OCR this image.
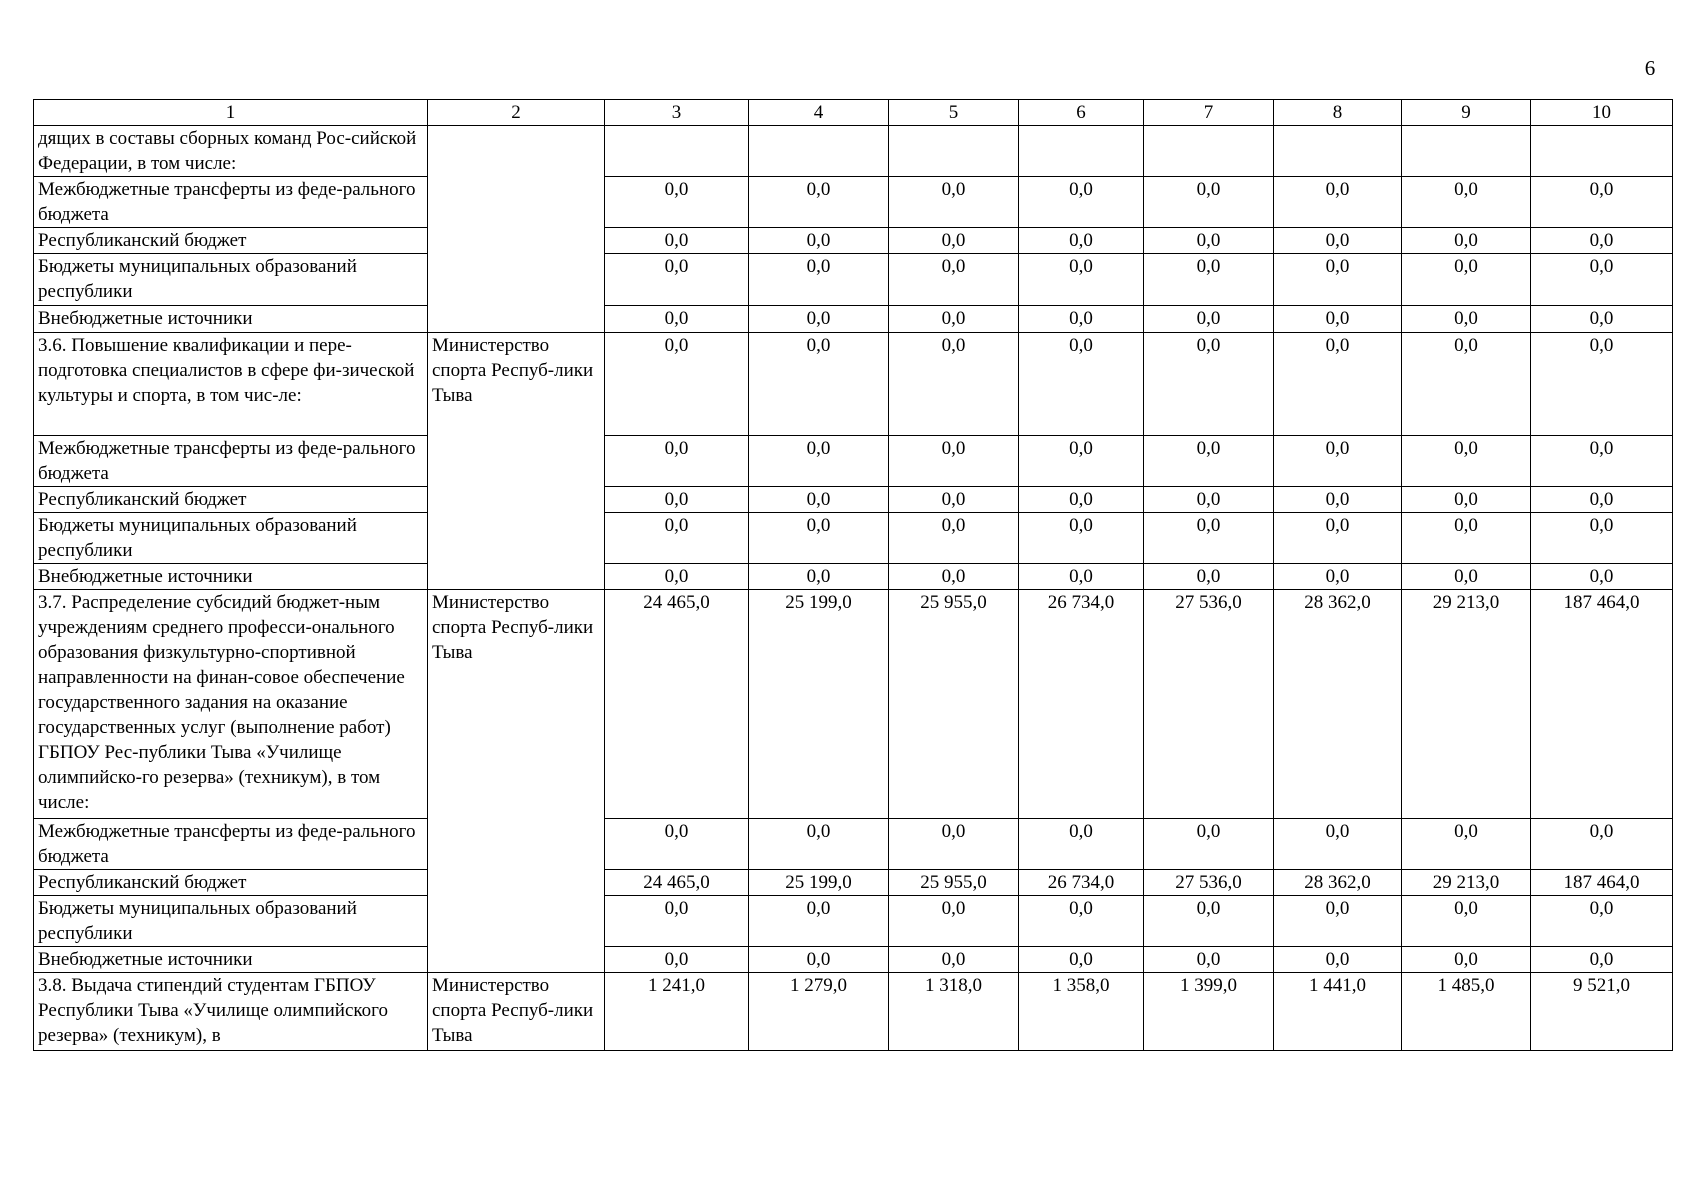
6
1	2	3	4	5	6	7	8	9	10
дящих в составы сборных команд Рос-сийской Федерации, в том числе:									
Межбюджетные трансферты из феде-рального бюджета		0,0	0,0	0,0	0,0	0,0	0,0	0,0	0,0
Республиканский бюджет		0,0	0,0	0,0	0,0	0,0	0,0	0,0	0,0
Бюджеты муниципальных образований республики		0,0	0,0	0,0	0,0	0,0	0,0	0,0	0,0
Внебюджетные источники		0,0	0,0	0,0	0,0	0,0	0,0	0,0	0,0
3.6. Повышение квалификации и пере-подготовка специалистов в сфере фи-зической культуры и спорта, в том чис-ле:	Министерство спорта Респуб-лики Тыва	0,0	0,0	0,0	0,0	0,0	0,0	0,0	0,0
Межбюджетные трансферты из феде-рального бюджета		0,0	0,0	0,0	0,0	0,0	0,0	0,0	0,0
Республиканский бюджет		0,0	0,0	0,0	0,0	0,0	0,0	0,0	0,0
Бюджеты муниципальных образований республики		0,0	0,0	0,0	0,0	0,0	0,0	0,0	0,0
Внебюджетные источники		0,0	0,0	0,0	0,0	0,0	0,0	0,0	0,0
3.7. Распределение субсидий бюджет-ным учреждениям среднего професси-онального образования физкультурно-спортивной направленности на финан-совое обеспечение государственного задания на оказание государственных услуг (выполнение работ) ГБПОУ Рес-публики Тыва «Училище олимпийско-го резерва» (техникум), в том числе:	Министерство спорта Респуб-лики Тыва	24 465,0	25 199,0	25 955,0	26 734,0	27 536,0	28 362,0	29 213,0	187 464,0
Межбюджетные трансферты из феде-рального бюджета		0,0	0,0	0,0	0,0	0,0	0,0	0,0	0,0
Республиканский бюджет		24 465,0	25 199,0	25 955,0	26 734,0	27 536,0	28 362,0	29 213,0	187 464,0
Бюджеты муниципальных образований республики		0,0	0,0	0,0	0,0	0,0	0,0	0,0	0,0
Внебюджетные источники		0,0	0,0	0,0	0,0	0,0	0,0	0,0	0,0
3.8. Выдача стипендий студентам ГБПОУ Республики Тыва «Училище олимпийского резерва» (техникум), в	Министерство спорта Респуб-лики Тыва	1 241,0	1 279,0	1 318,0	1 358,0	1 399,0	1 441,0	1 485,0	9 521,0
